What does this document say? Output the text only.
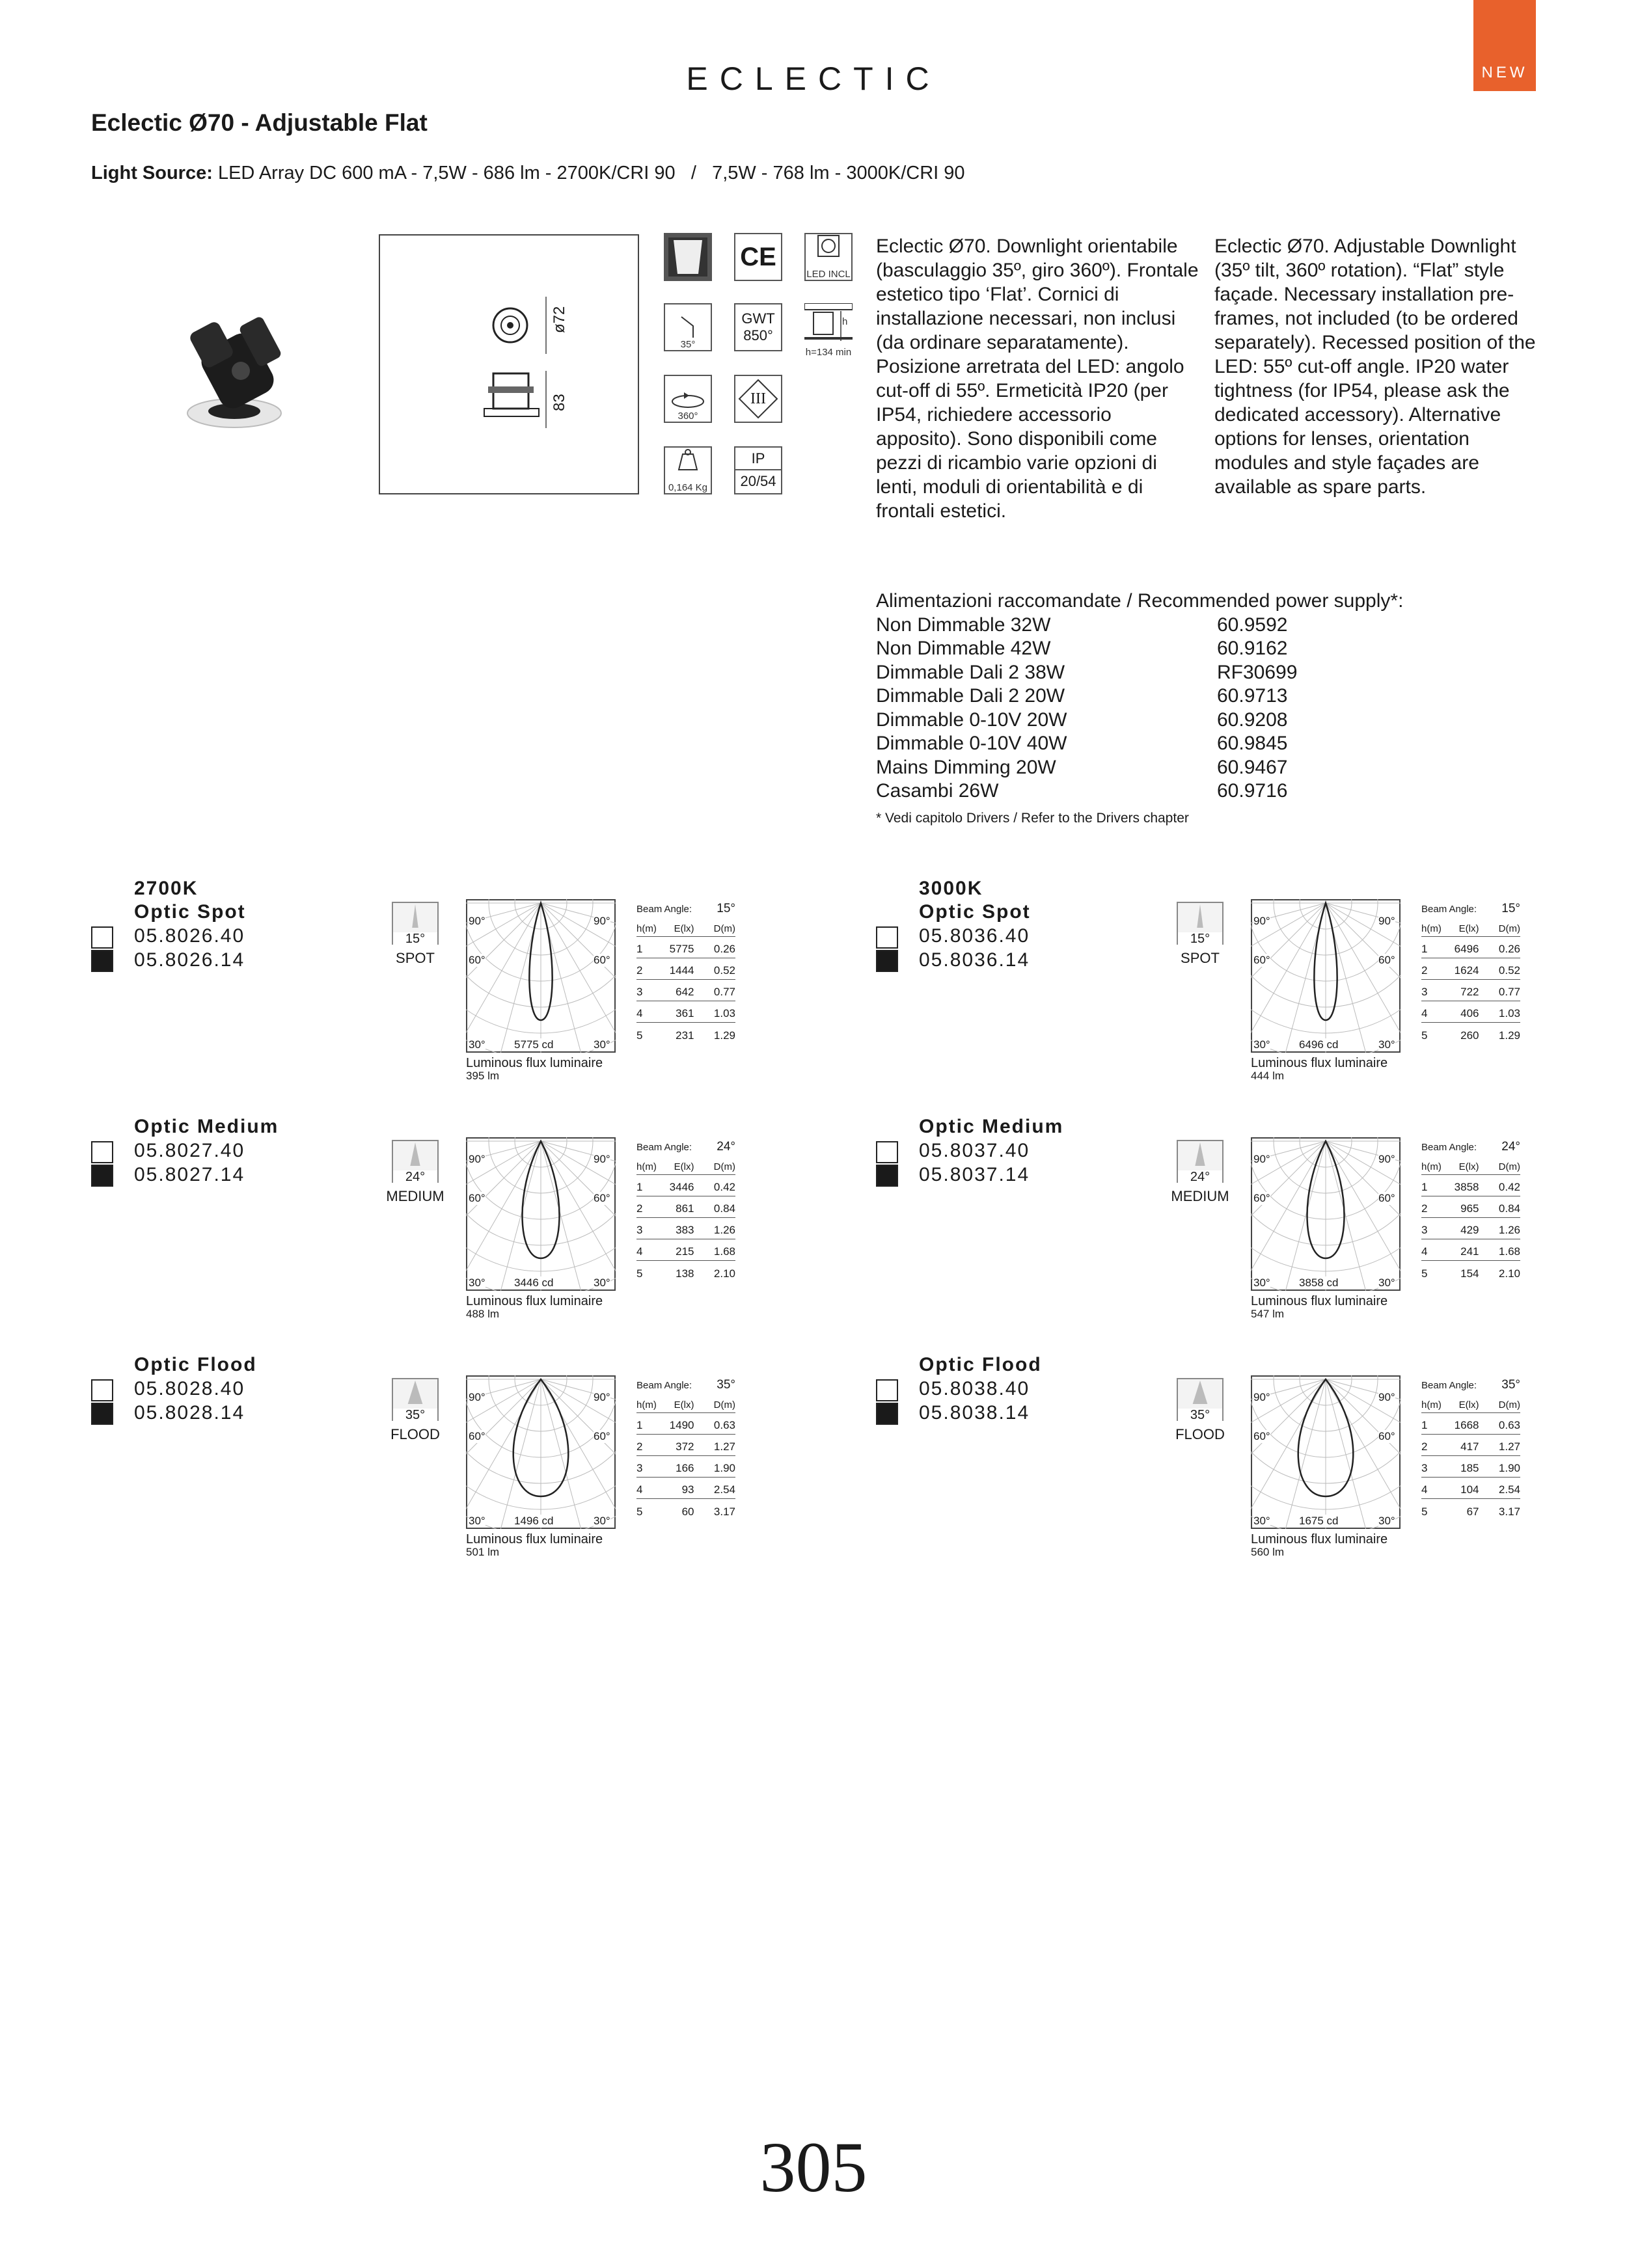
ECLECTIC	NEW
Eclectic Ø70 - Adjustable Flat
Light Source: LED Array DC 600 mA - 7,5W - 686 lm - 2700K/CRI 90   /   7,5W - 768 lm - 3000K/CRI 90
ø72
83
CE
LED INCL
35°
GWT
850°
h
h=134 min
360°
III
0,164 Kg
IP
20/54
Eclectic Ø70. Downlight orientabile (basculaggio 35º, giro 360º). Frontale estetico tipo ‘Flat’. Cornici di installazione necessari, non inclusi (da ordinare separatamente). Posizione arretrata del LED: angolo cut-off di 55º. Ermeticità IP20 (per IP54, richiedere accessorio apposito). Sono disponibili come pezzi di ricambio varie opzioni di lenti, moduli di orientabilità e di frontali estetici.
Eclectic Ø70. Adjustable Downlight (35º tilt, 360º rotation). “Flat” style façade. Necessary installation pre-frames, not included (to be ordered separately). Recessed position of the LED: 55º cut-off angle. IP20 water tightness (for IP54, please ask the dedicated accessory). Alternative options for lenses, orientation modules and style façades are available as spare parts.
Alimentazioni raccomandate / Recommended power supply*:
Non Dimmable 32W	60.9592
Non Dimmable 42W	60.9162
Dimmable Dali 2 38W	RF30699
Dimmable Dali 2 20W	60.9713
Dimmable 0-10V 20W	60.9208
Dimmable 0-10V 40W	60.9845
Mains Dimming 20W	60.9467
Casambi 26W	60.9716
* Vedi capitolo Drivers / Refer to the Drivers chapter
2700K
Optic Spot
05.8026.40
05.8026.14
15°
SPOT
90°	90°
60°	60°
30°	30°
5775 cd
Luminous flux luminaire
395 lm
Beam Angle: 15°
h(m)	E(lx)	D(m)
1	5775	0.26
2	1444	0.52
3	642	0.77
4	361	1.03
5	231	1.29
Optic Medium
05.8027.40
05.8027.14	24°
MEDIUM
90°	90°
60°	60°
30°	30°
3446 cd
Luminous flux luminaire
488 lm
Beam Angle: 24°
h(m)	E(lx)	D(m)
1	3446	0.42
2	861	0.84
3	383	1.26
4	215	1.68
5	138	2.10
Optic Flood
05.8028.40
05.8028.14	35°
FLOOD
90°	90°
60°	60°
30°	30°
1496 cd
Luminous flux luminaire
501 lm
Beam Angle: 35°
h(m)	E(lx)	D(m)
1	1490	0.63
2	372	1.27
3	166	1.90
4	93	2.54
5	60	3.17
3000K
Optic Spot
05.8036.40
05.8036.14
15°
SPOT
90°	90°
60°	60°
30°	30°
6496 cd
Luminous flux luminaire
444 lm
Beam Angle: 15°
h(m)	E(lx)	D(m)
1	6496	0.26
2	1624	0.52
3	722	0.77
4	406	1.03
5	260	1.29
Optic Medium
05.8037.40
05.8037.14	24°
MEDIUM
90°	90°
60°	60°
30°	30°
3858 cd
Luminous flux luminaire
547 lm
Beam Angle: 24°
h(m)	E(lx)	D(m)
1	3858	0.42
2	965	0.84
3	429	1.26
4	241	1.68
5	154	2.10
Optic Flood
05.8038.40
05.8038.14	35°
FLOOD
90°	90°
60°	60°
30°	30°
1675 cd
Luminous flux luminaire
560 lm
Beam Angle: 35°
h(m)	E(lx)	D(m)
1	1668	0.63
2	417	1.27
3	185	1.90
4	104	2.54
5	67	3.17
305
